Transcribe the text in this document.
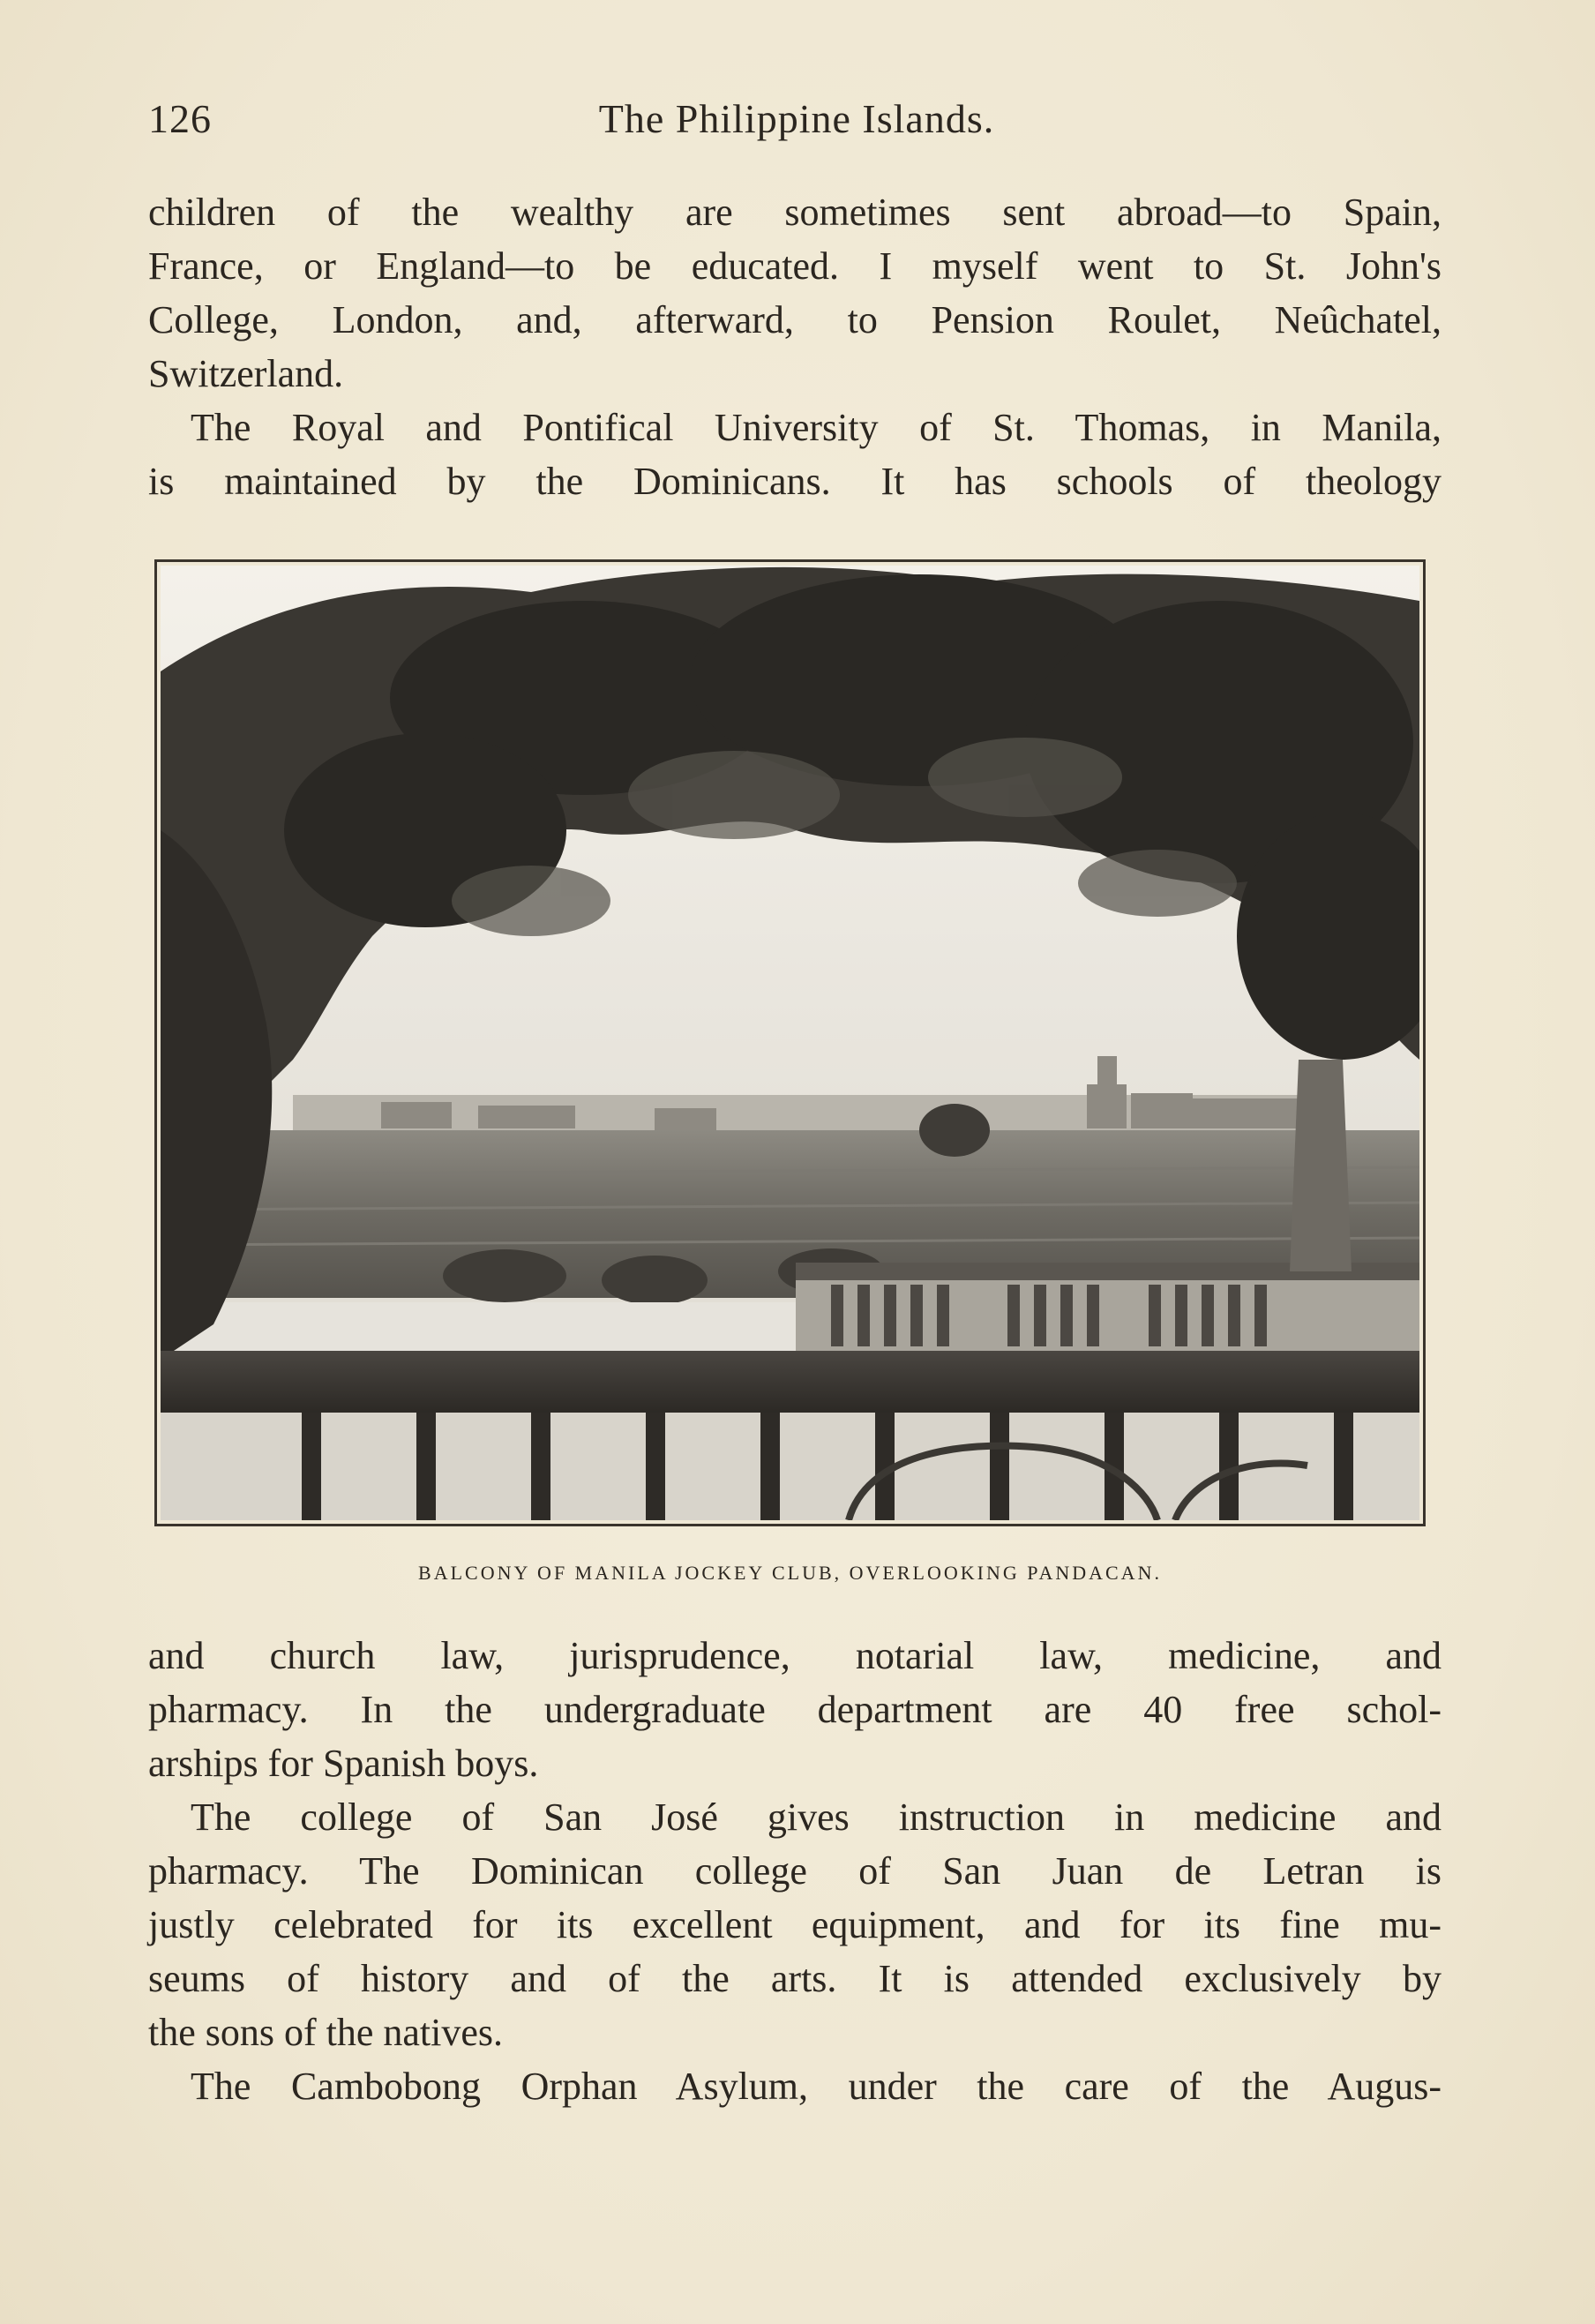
126	The Philippine Islands.
children of the wealthy are sometimes sent abroad—to Spain,
France, or England—to be educated. I myself went to St. John's
College, London, and, afterward, to Pension Roulet, Neûchatel,
Switzerland.
The Royal and Pontifical University of St. Thomas, in Manila,
is maintained by the Dominicans. It has schools of theology
BALCONY OF MANILA JOCKEY CLUB, OVERLOOKING PANDACAN.
and church law, jurisprudence, notarial law, medicine, and
pharmacy. In the undergraduate department are 40 free schol-
arships for Spanish boys.
The college of San José gives instruction in medicine and
pharmacy. The Dominican college of San Juan de Letran is
justly celebrated for its excellent equipment, and for its fine mu-
seums of history and of the arts. It is attended exclusively by
the sons of the natives.
The Cambobong Orphan Asylum, under the care of the Augus-
